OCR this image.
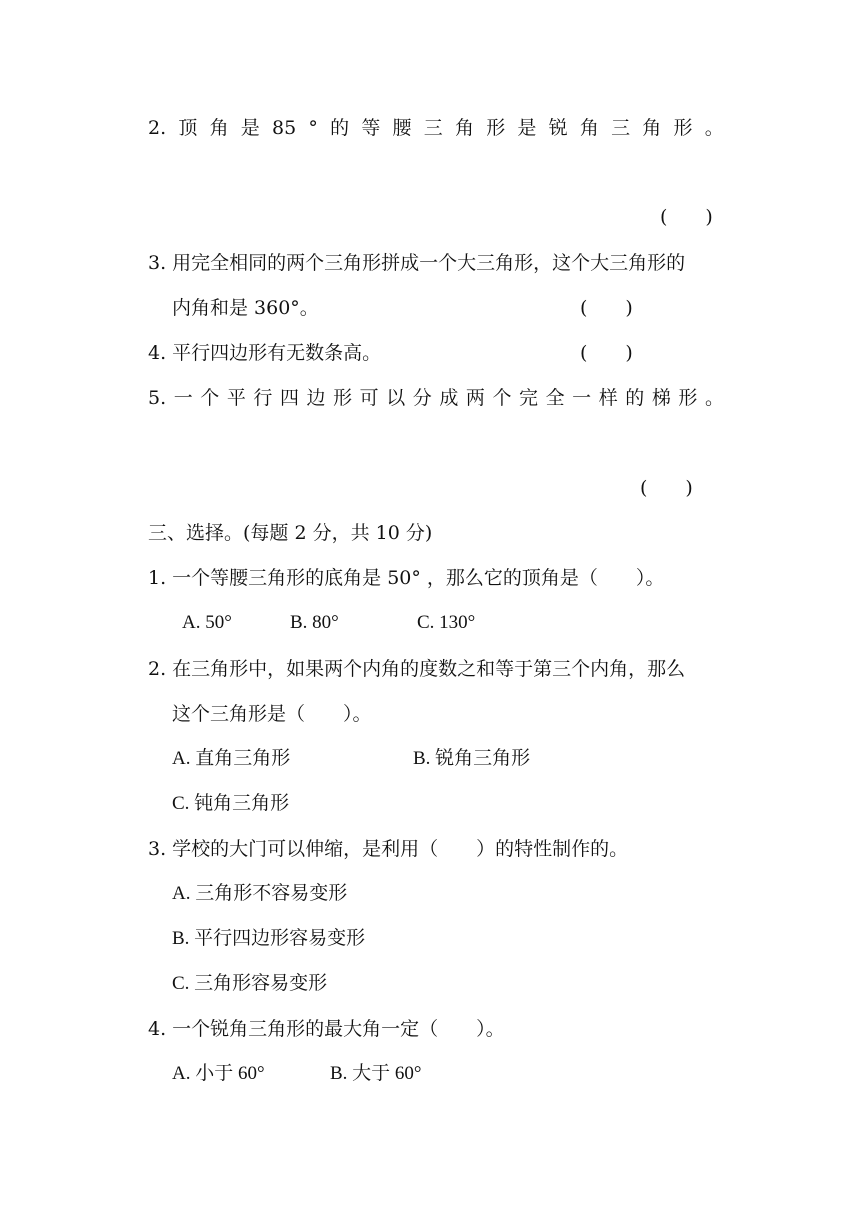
2. 顶 角 是 85 ° 的 等 腰 三 角 形 是 锐 角 三 角 形 。
(　　)

3. 用完全相同的两个三角形拼成一个大三角形，这个大三角形的

内角和是 360°。	(　　)

4. 平行四边形有无数条高。	(　　)
5. 一 个 平 行 四 边 形 可 以 分 成 两 个 完 全 一 样 的 梯 形 。
(　　)

三、选择。(每题 2 分，共 10 分)

1. 一个等腰三角形的底角是 50° ，那么它的顶角是（　　）。

A. 50°	B. 80°	C. 130°

2. 在三角形中，如果两个内角的度数之和等于第三个内角，那么

这个三角形是（　　）。

A. 直角三角形	B. 锐角三角形

C. 钝角三角形

3. 学校的大门可以伸缩，是利用（　　）的特性制作的。

A. 三角形不容易变形

B. 平行四边形容易变形

C. 三角形容易变形

4. 一个锐角三角形的最大角一定（　　）。

A. 小于 60°	B. 大于 60°
